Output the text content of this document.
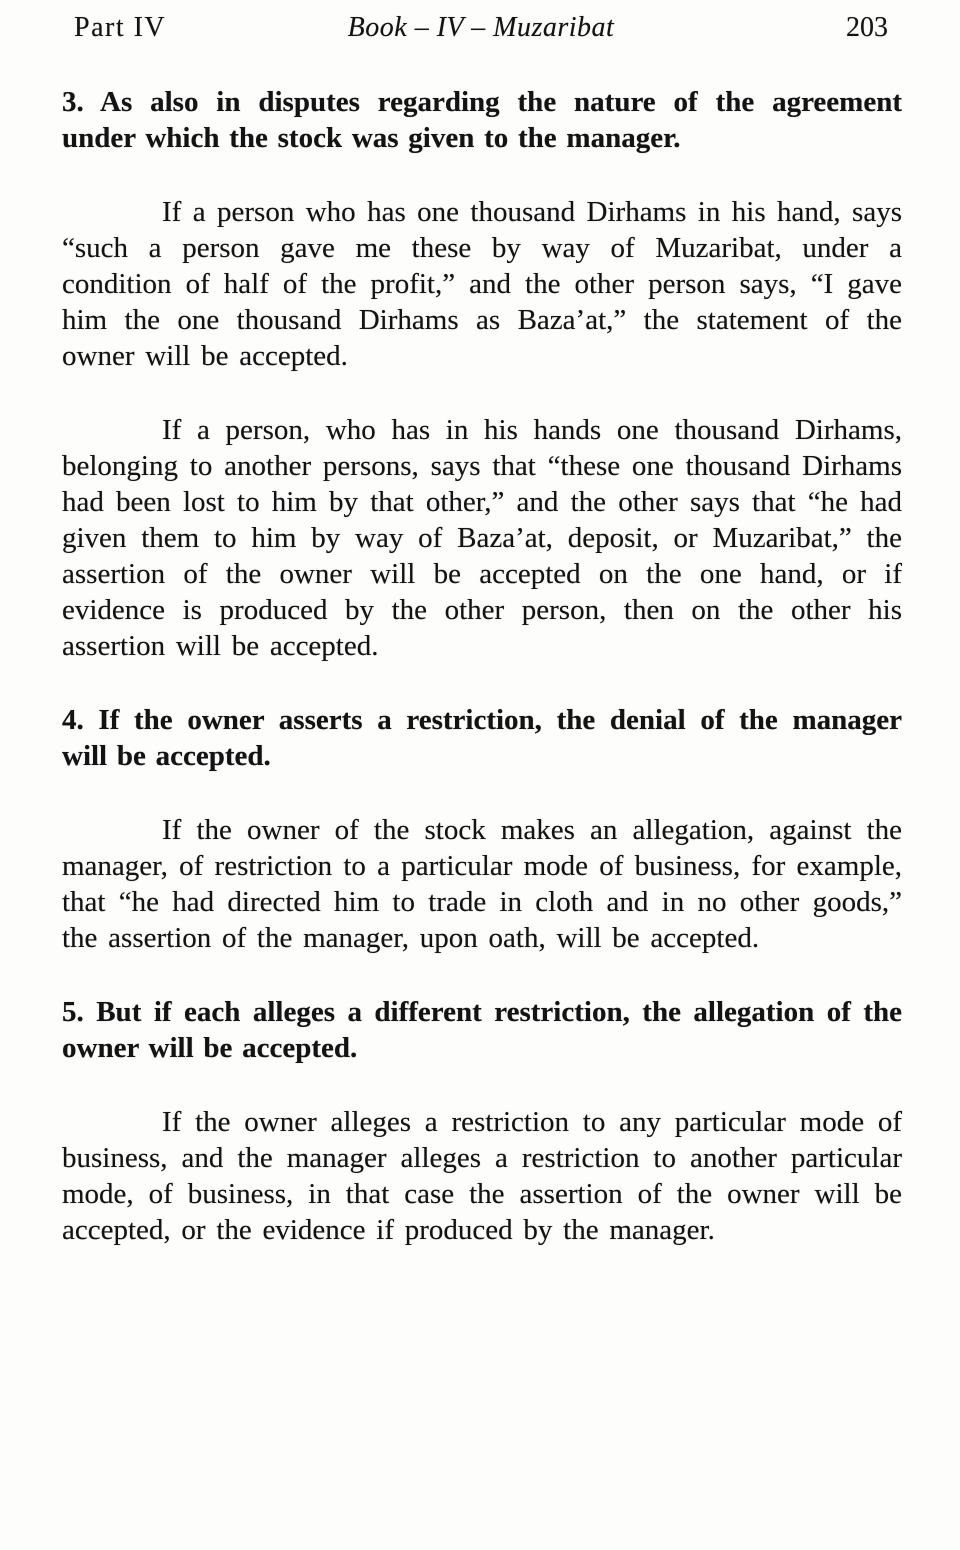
Part IV	Book – IV – Muzaribat	203
3. As also in disputes regarding the nature of the agreement under which the stock was given to the manager.

If a person who has one thousand Dirhams in his hand, says “such a person gave me these by way of Muzaribat, under a condition of half of the profit,” and the other person says, “I gave him the one thousand Dirhams as Baza’at,” the statement of the owner will be accepted.

If a person, who has in his hands one thousand Dirhams, belonging to another persons, says that “these one thousand Dirhams had been lost to him by that other,” and the other says that “he had given them to him by way of Baza’at, deposit, or Muzaribat,” the assertion of the owner will be accepted on the one hand, or if evidence is produced by the other person, then on the other his assertion will be accepted.

4. If the owner asserts a restriction, the denial of the manager will be accepted.

If the owner of the stock makes an allegation, against the manager, of restriction to a particular mode of business, for example, that “he had directed him to trade in cloth and in no other goods,” the assertion of the manager, upon oath, will be accepted.

5. But if each alleges a different restriction, the allegation of the owner will be accepted.

If the owner alleges a restriction to any particular mode of business, and the manager alleges a restriction to another particular mode, of business, in that case the assertion of the owner will be accepted, or the evidence if produced by the manager.
